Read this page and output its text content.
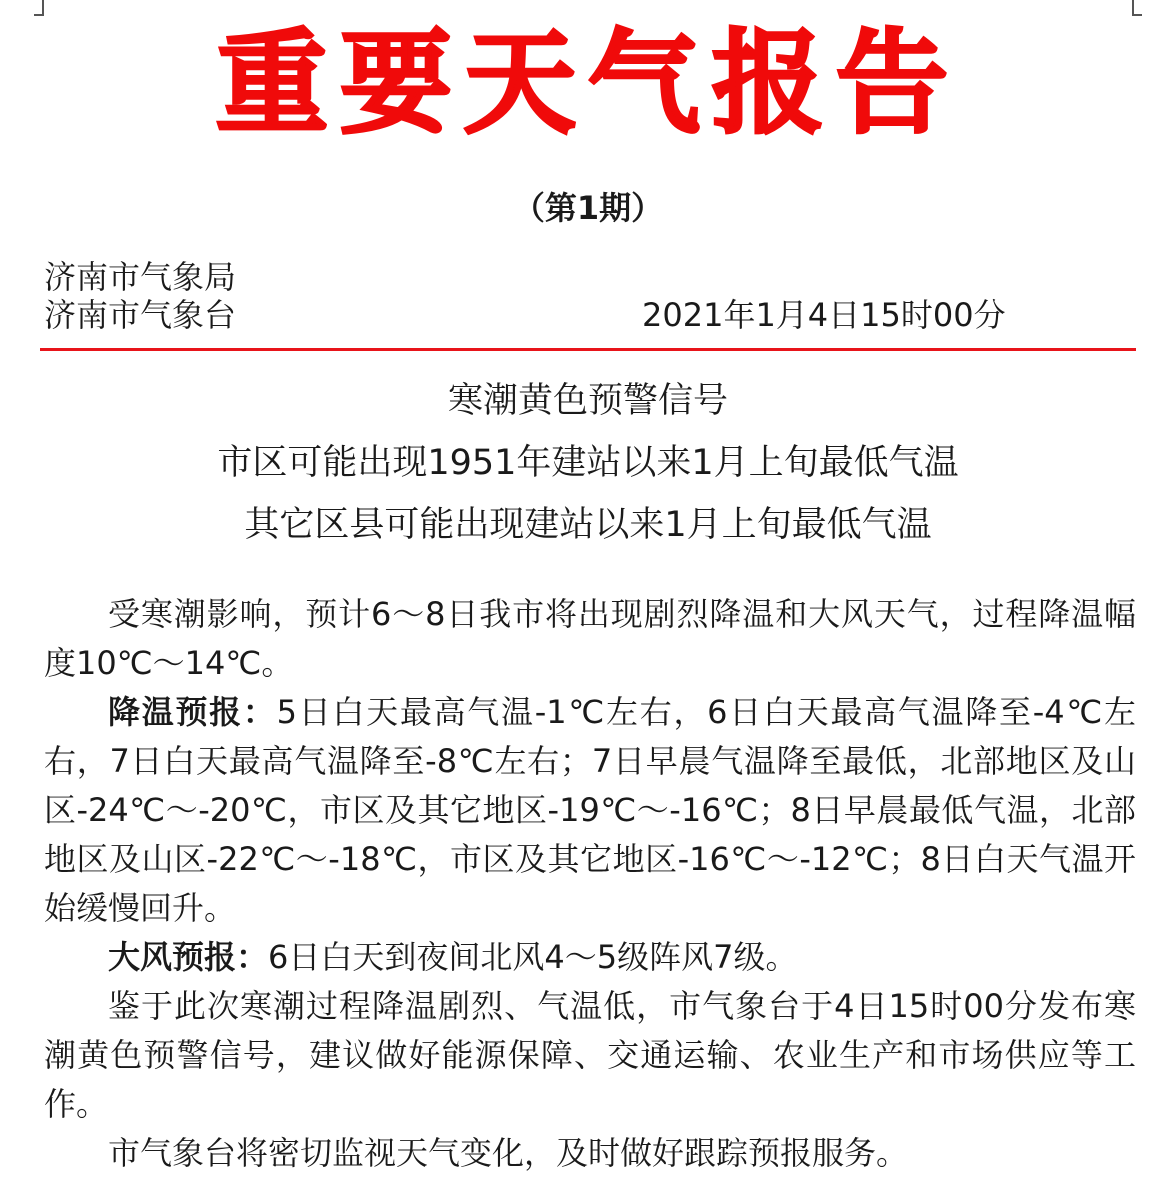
重要天气报告
（第1期）
济南市气象局
济南市气象台	2021年1月4日15时00分
寒潮黄色预警信号
市区可能出现1951年建站以来1月上旬最低气温
其它区县可能出现建站以来1月上旬最低气温

受寒潮影响，预计6～8日我市将出现剧烈降温和大风天气，过程降温幅度10℃～14℃。

降温预报：5日白天最高气温-1℃左右，6日白天最高气温降至-4℃左右，7日白天最高气温降至-8℃左右；7日早晨气温降至最低，北部地区及山区-24℃～-20℃，市区及其它地区-19℃～-16℃；8日早晨最低气温，北部地区及山区-22℃～-18℃，市区及其它地区-16℃～-12℃；8日白天气温开始缓慢回升。

大风预报：6日白天到夜间北风4～5级阵风7级。

鉴于此次寒潮过程降温剧烈、气温低，市气象台于4日15时00分发布寒潮黄色预警信号，建议做好能源保障、交通运输、农业生产和市场供应等工作。

市气象台将密切监视天气变化，及时做好跟踪预报服务。
